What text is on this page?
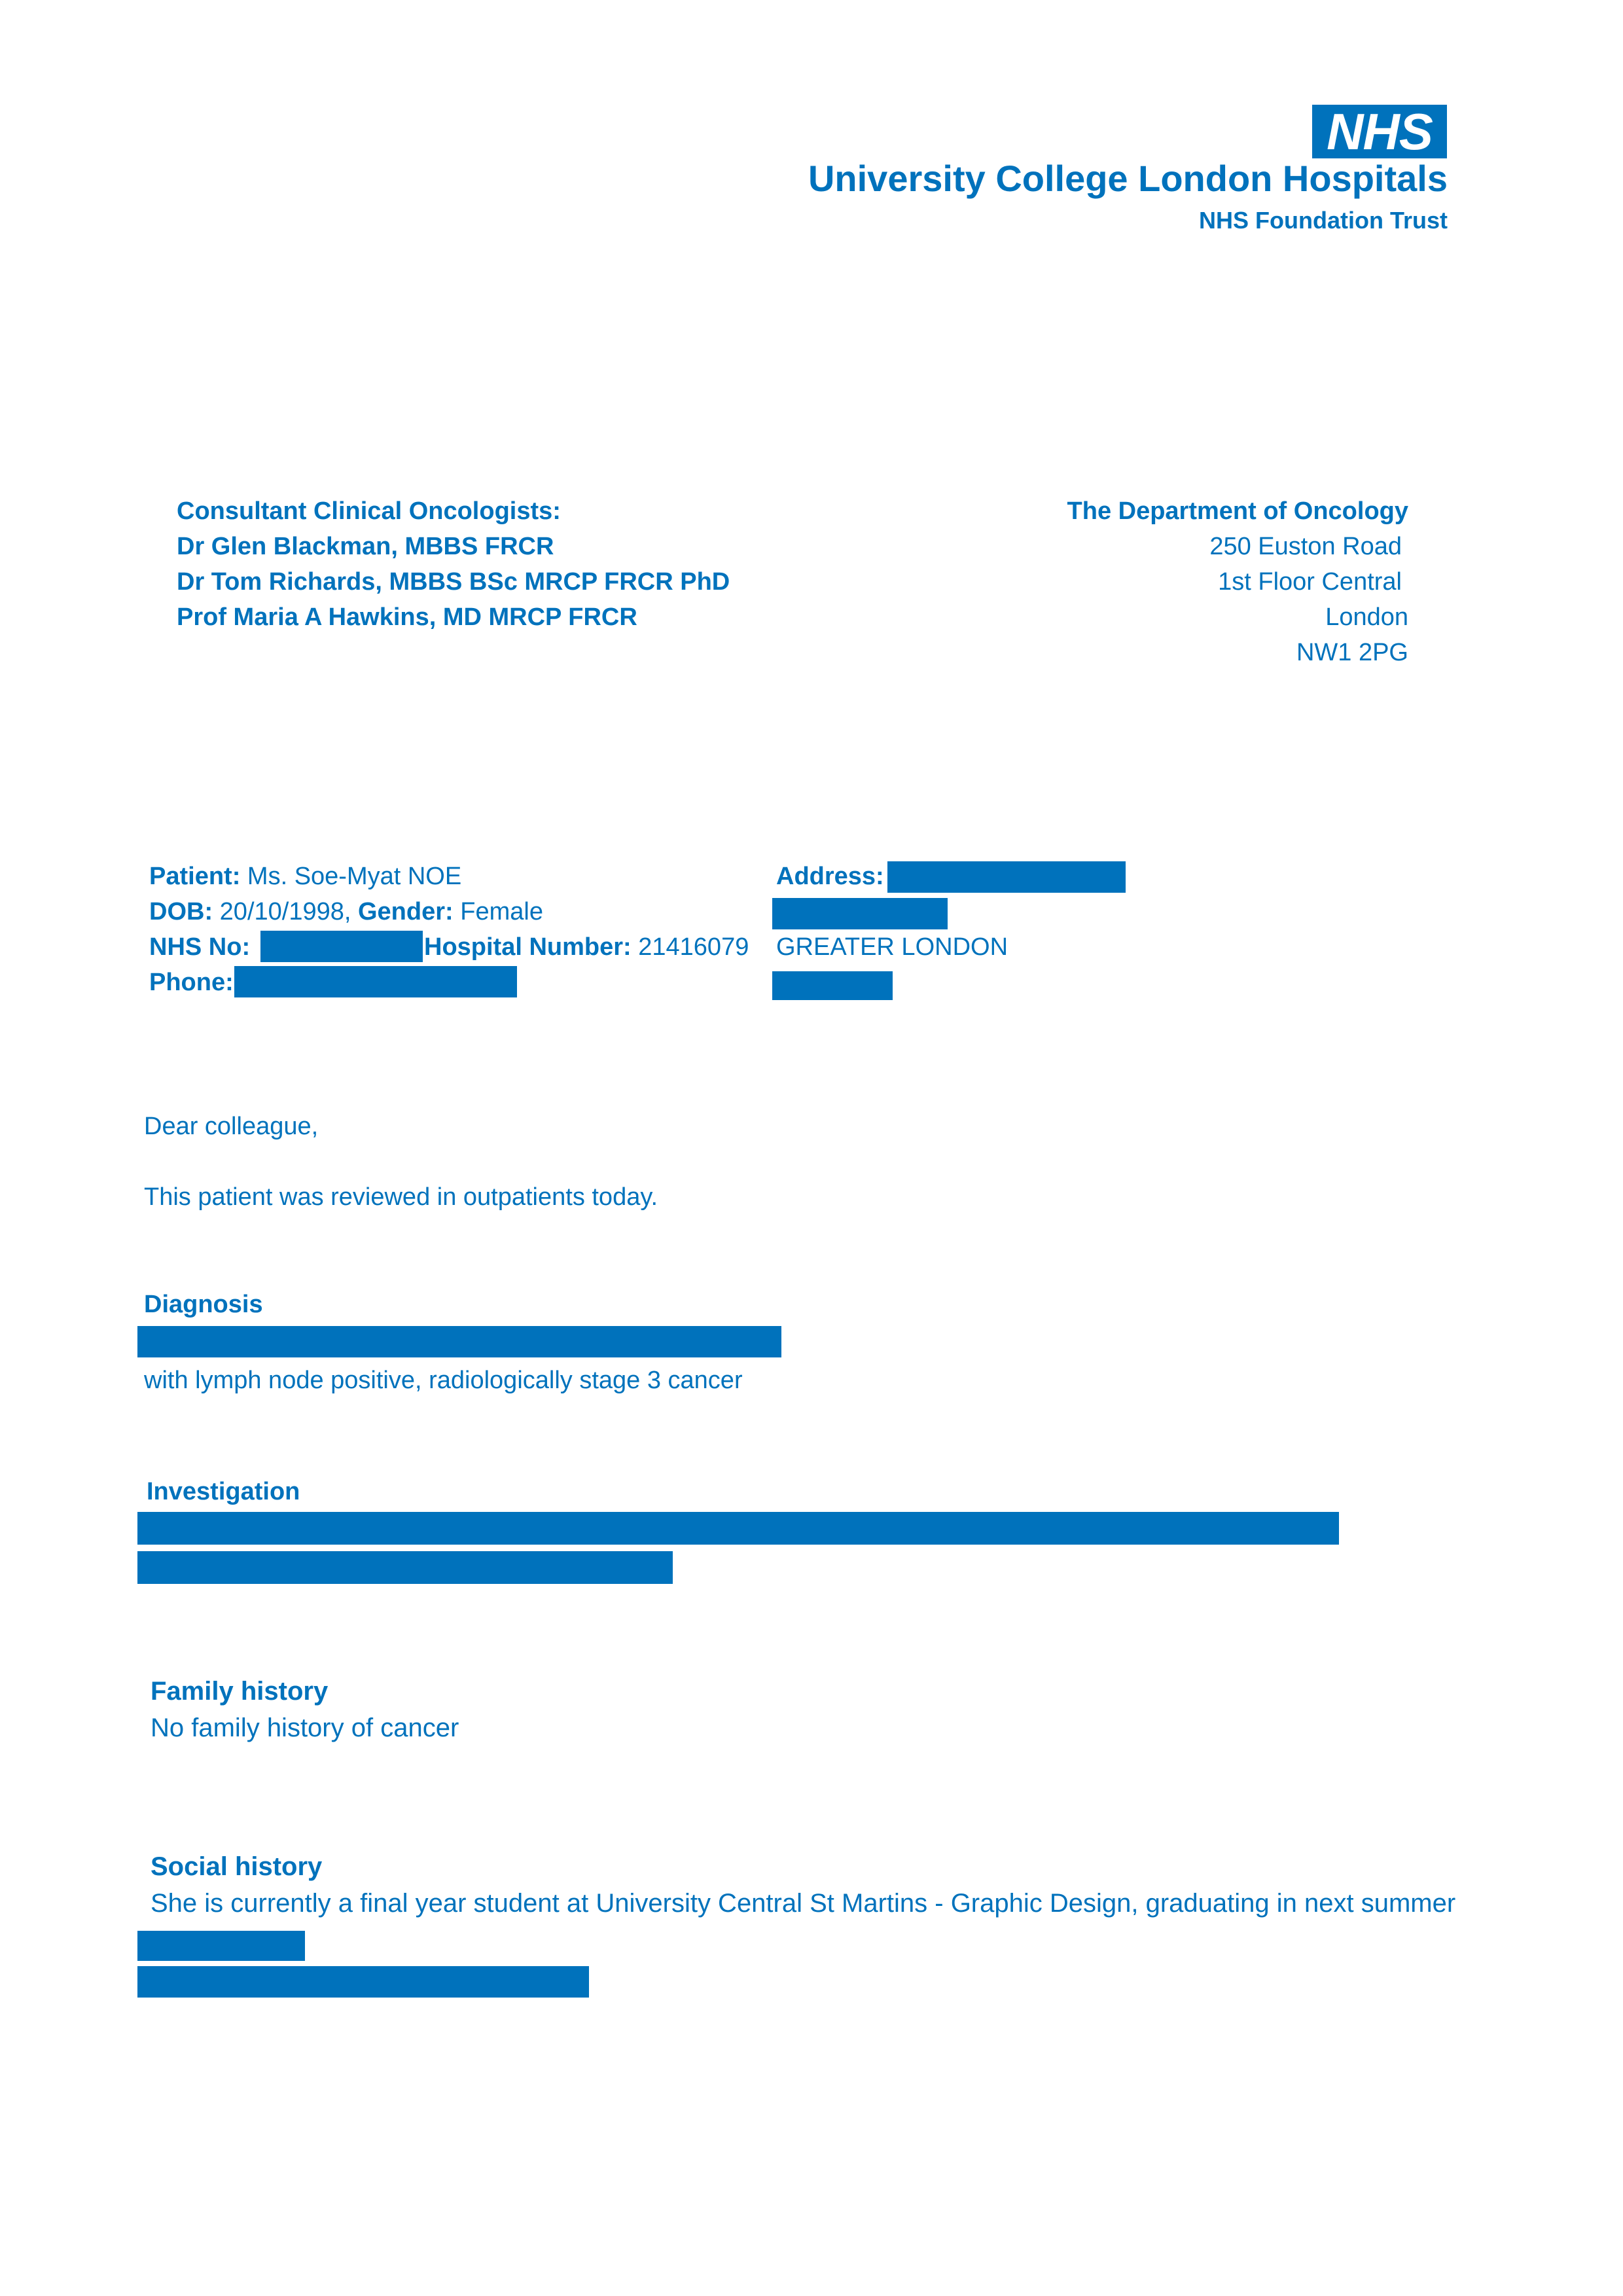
NHS
University College London Hospitals
NHS Foundation Trust
Consultant Clinical Oncologists:
Dr Glen Blackman, MBBS FRCR
Dr Tom Richards, MBBS BSc MRCP FRCR PhD
Prof Maria A Hawkins, MD MRCP FRCR
The Department of Oncology
250 Euston Road
1st Floor Central
London
NW1 2PG
Patient: Ms. Soe-Myat NOE
DOB: 20/10/1998, Gender: Female
NHS No:	Hospital Number: 21416079
Phone:
Address:
GREATER LONDON
Dear colleague,
This patient was reviewed in outpatients today.
Diagnosis
with lymph node positive, radiologically stage 3 cancer
Investigation
Family history
No family history of cancer
Social history
She is currently a final year student at University Central St Martins - Graphic Design, graduating in next summer
